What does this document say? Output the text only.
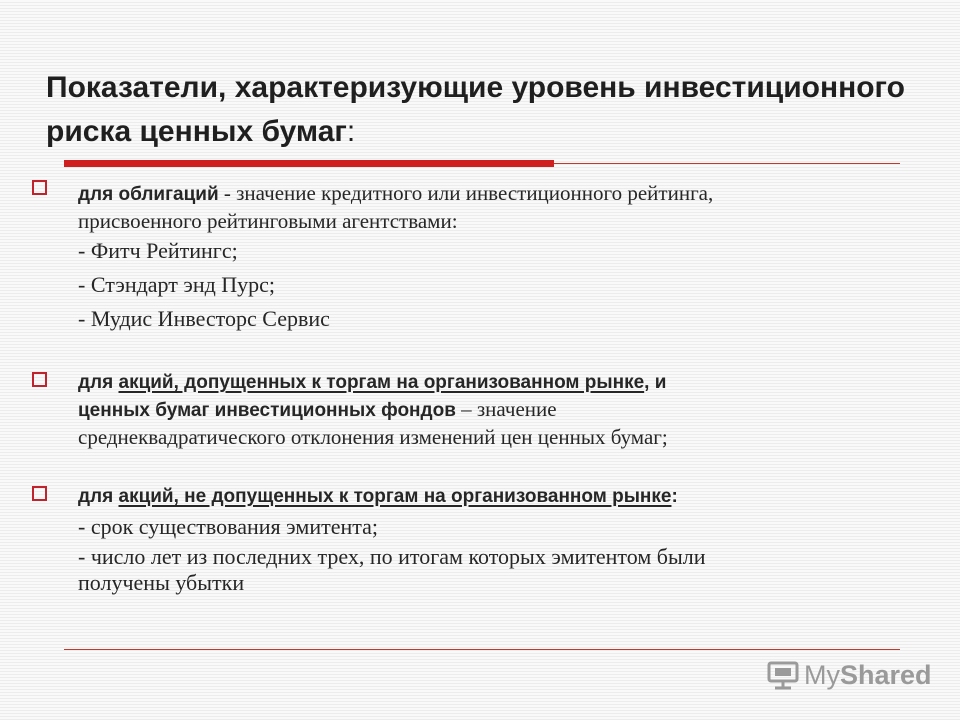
Показатели, характеризующие уровень инвестиционного риска ценных бумаг:
для облигаций - значение кредитного или инвестиционного рейтинга,
присвоенного рейтинговыми агентствами:
- Фитч Рейтингс;
- Стэндарт энд Пурс;
- Мудис Инвесторс Сервис
для акций, допущенных к торгам на организованном рынке, и
ценных бумаг инвестиционных фондов – значение
среднеквадратического отклонения изменений цен ценных бумаг;
для акций, не допущенных к торгам на организованном рынке:
- срок существования эмитента;
- число лет из последних трех, по итогам которых эмитентом были
получены убытки
My Shared
